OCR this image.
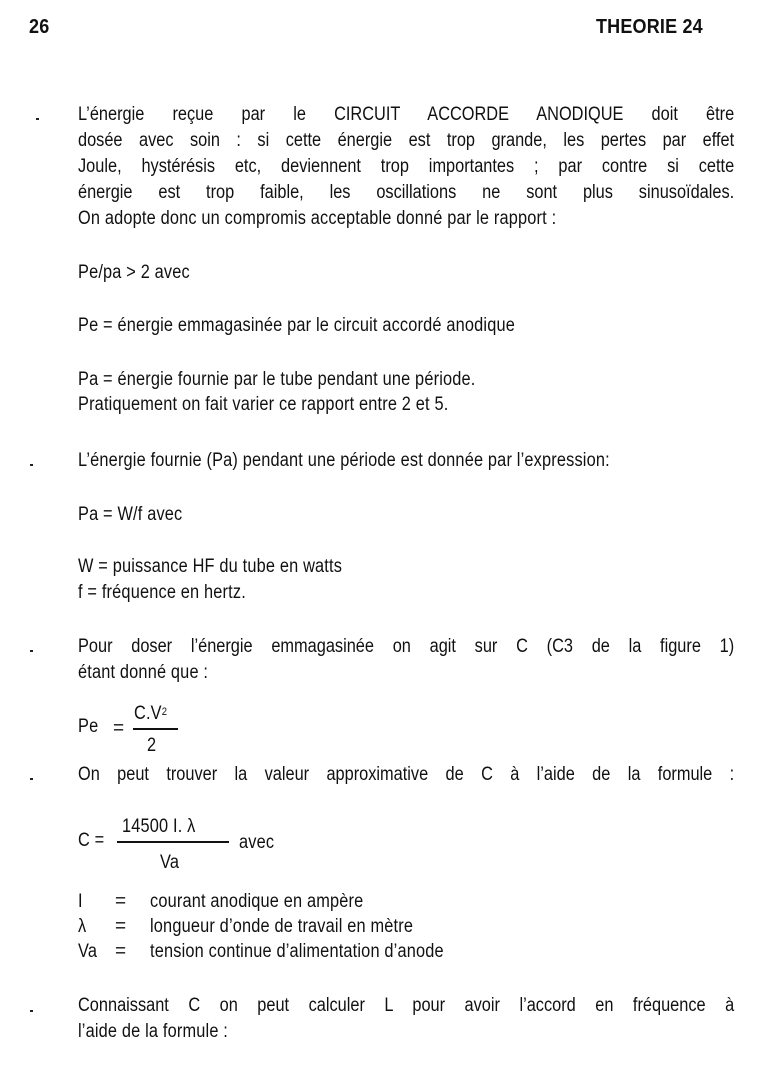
26	THEORIE 24
L’énergie reçue par le CIRCUIT ACCORDE ANODIQUE doit être
dosée avec soin : si cette énergie est trop grande, les pertes par effet
Joule, hystérésis etc, deviennent trop importantes ; par contre si cette
énergie est trop faible, les oscillations ne sont plus sinusoïdales.
On adopte donc un compromis acceptable donné par le rapport :
Pe/pa > 2 avec
Pe = énergie emmagasinée par le circuit accordé anodique
Pa = énergie fournie par le tube pendant une période.
Pratiquement on fait varier ce rapport entre 2 et 5.
L’énergie fournie (Pa) pendant une période est donnée par l’expression:
Pa = W/f avec
W = puissance HF du tube en watts
f = fréquence en hertz.
Pour doser l’énergie emmagasinée on agit sur C (C3 de la figure 1)
étant donné que :
Pe =
$C.V^2$
2
On peut trouver la valeur approximative de C à l’aide de la formule :
C =
14500 I. λ
Va
avec
I = courant anodique en ampère
λ = longueur d’onde de travail en mètre
Va = tension continue d’alimentation d’anode
Connaissant C on peut calculer L pour avoir l’accord en fréquence à
l’aide de la formule :
